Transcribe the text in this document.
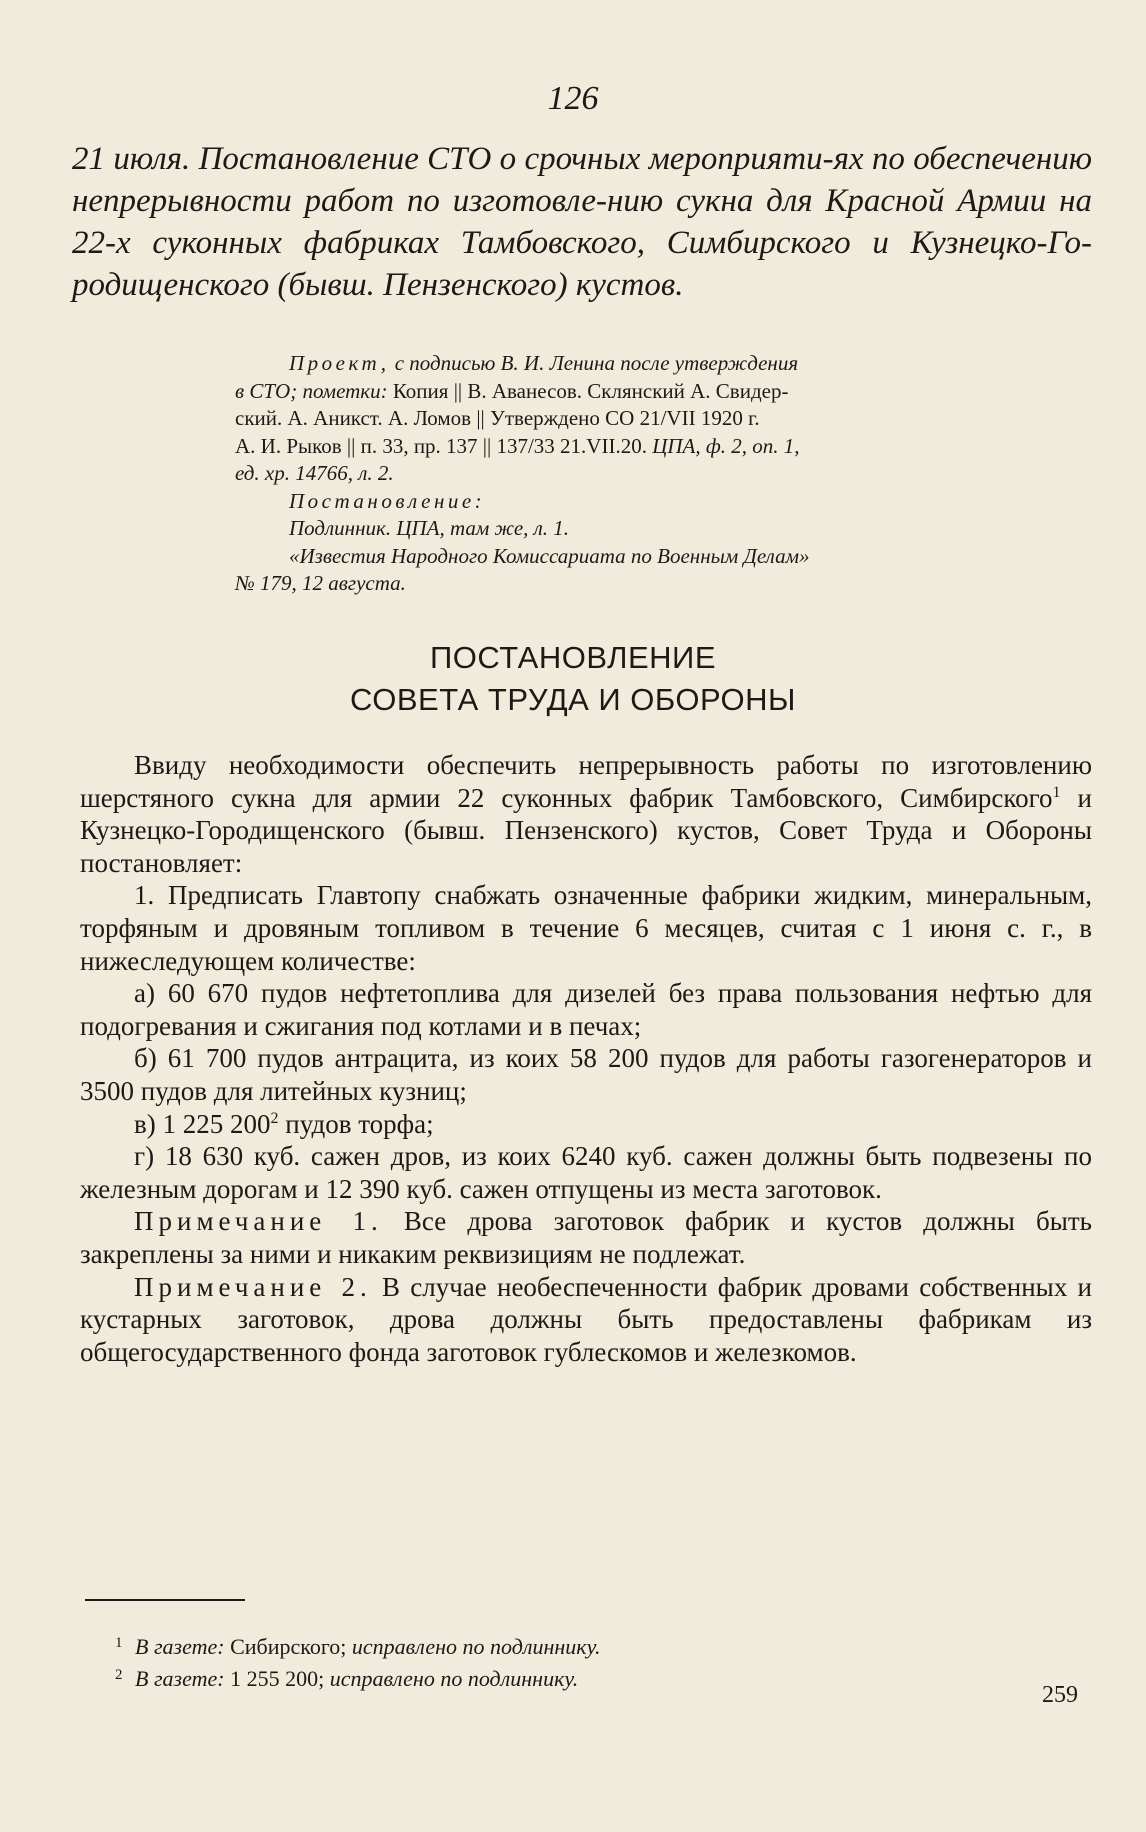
126
21 июля. Постановление СТО о срочных мероприяти-ях по обеспечению непрерывности работ по изготовле-нию сукна для Красной Армии на 22-х суконных фабриках Тамбовского, Симбирского и Кузнецко-Го-родищенского (бывш. Пензенского) кустов.
Проект, с подписью В. И. Ленина после утверждения
в СТО; пометки: Копия || В. Аванесов. Склянский А. Свидер-
ский. А. Аникст. А. Ломов || Утверждено СО 21/VII 1920 г.
А. И. Рыков || п. 33, пр. 137 || 137/33 21.VII.20. ЦПА, ф. 2, оп. 1,
ед. хр. 14766, л. 2.
Постановление:
Подлинник. ЦПА, там же, л. 1.
«Известия Народного Комиссариата по Военным Делам»
№ 179, 12 августа.
ПОСТАНОВЛЕНИЕ
СОВЕТА ТРУДА И ОБОРОНЫ

Ввиду необходимости обеспечить непрерывность работы по изготовлению шерстяного сукна для армии 22 суконных фабрик Тамбовского, Симбирского$^1$ и Кузнецко-Городищенского (бывш. Пензенского) кустов, Совет Труда и Обороны постановляет:

1. Предписать Главтопу снабжать означенные фабрики жидким, минеральным, торфяным и дровяным топливом в течение 6 месяцев, считая с 1 июня с. г., в нижеследующем количестве:

а) 60 670 пудов нефтетоплива для дизелей без права пользования нефтью для подогревания и сжигания под котлами и в печах;

б) 61 700 пудов антрацита, из коих 58 200 пудов для работы газогенераторов и 3500 пудов для литейных кузниц;

в) 1 225 $200^2$ пудов торфа;

г) 18 630 куб. сажен дров, из коих 6240 куб. сажен должны быть подвезены по железным дорогам и 12 390 куб. сажен отпущены из места заготовок.

Примечание 1. Все дрова заготовок фабрик и кустов должны быть закреплены за ними и никаким реквизициям не подлежат.

Примечание 2. В случае необеспеченности фабрик дровами собственных и кустарных заготовок, дрова должны быть предоставлены фабрикам из общегосударственного фонда заготовок гублескомов и железкомов.

1 В газете: Сибирского; исправлено по подлиннику.
2 В газете: 1 255 200; исправлено по подлиннику.
259
